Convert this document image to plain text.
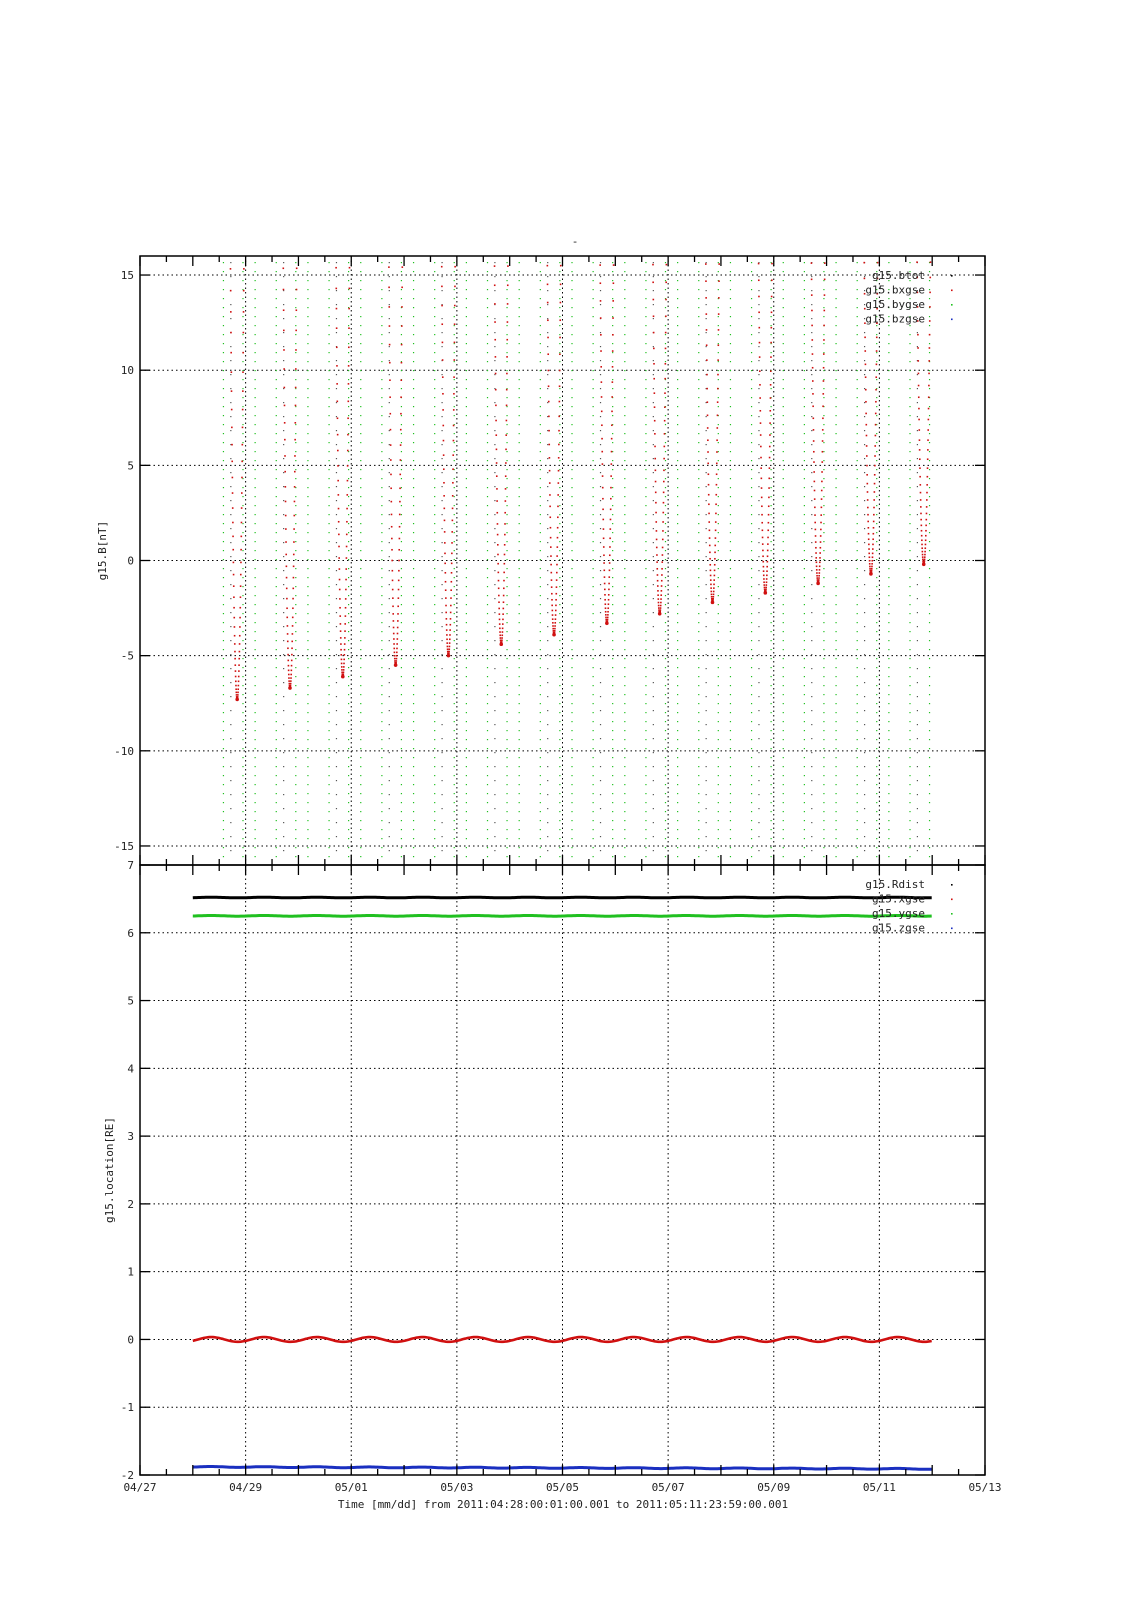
-
15
10
5
0
-5
-10
-15
g15.B[nT]
g15.btot
g15.bxgse
g15.bygse
g15.bzgse
7
6
5
4
3
2
1
0
-1
-2
04/27	04/29	05/01	05/03	05/05	05/07	05/09	05/11	05/13
g15.location[RE]
Time [mm/dd] from 2011:04:28:00:01:00.001 to 2011:05:11:23:59:00.001
g15.Rdist
g15.xgse
g15.ygse
g15.zgse
